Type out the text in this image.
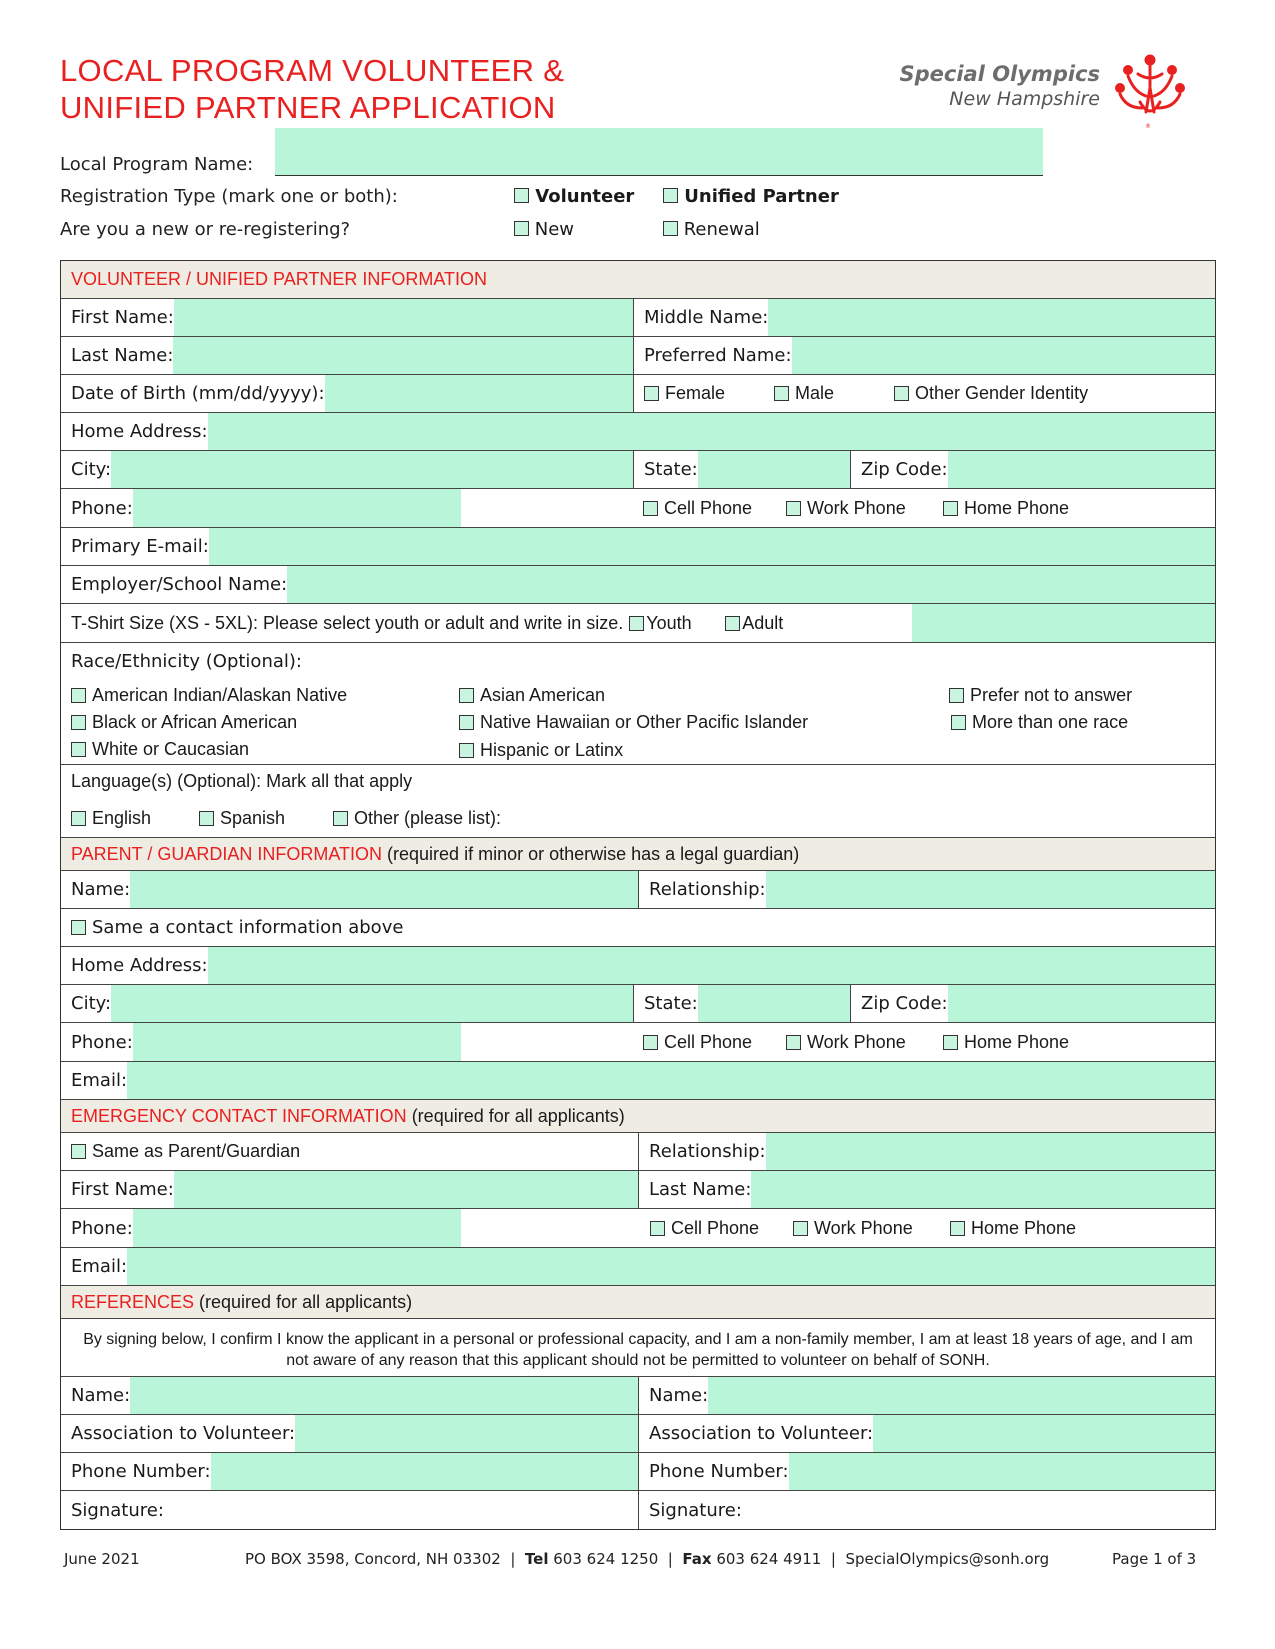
LOCAL PROGRAM VOLUNTEER &
UNIFIED PARTNER APPLICATION
Special Olympics
New Hampshire
®
Local Program Name:
Registration Type (mark one or both):	Volunteer	Unified Partner
Are you a new or re-registering?	New	Renewal
VOLUNTEER / UNIFIED PARTNER INFORMATION
First Name:	Middle Name:
Last Name:	Preferred Name:
Date of Birth (mm/dd/yyyy):	Female	Male	Other Gender Identity
Home Address:
City:	State:	Zip Code:
Phone:	Cell Phone	Work Phone	Home Phone
Primary E-mail:
Employer/School Name:
T-Shirt Size (XS - 5XL): Please select youth or adult and write in size. Youth	Adult
Race/Ethnicity (Optional):
American Indian/Alaskan Native
Black or African American
White or Caucasian
Asian American
Native Hawaiian or Other Pacific Islander
Hispanic or Latinx
Prefer not to answer
More than one race
Language(s) (Optional): Mark all that apply
English	Spanish	Other (please list):
PARENT / GUARDIAN INFORMATION (required if minor or otherwise has a legal guardian)
Name:	Relationship:
Same a contact information above
Home Address:
City:	State:	Zip Code:
Phone:	Cell Phone	Work Phone	Home Phone
Email:
EMERGENCY CONTACT INFORMATION (required for all applicants)
Same as Parent/Guardian	Relationship:
First Name:	Last Name:
Phone:	Cell Phone	Work Phone	Home Phone
Email:
REFERENCES (required for all applicants)
By signing below, I confirm I know the applicant in a personal or professional capacity, and I am a non-family member, I am at least 18 years of age, and I am not aware of any reason that this applicant should not be permitted to volunteer on behalf of SONH.
Name:	Name:
Association to Volunteer:	Association to Volunteer:
Phone Number:	Phone Number:
Signature:	Signature:
June 2021	PO BOX 3598, Concord, NH 03302  |  Tel 603 624 1250  |  Fax 603 624 4911  |  SpecialOlympics@sonh.org	Page 1 of 3
